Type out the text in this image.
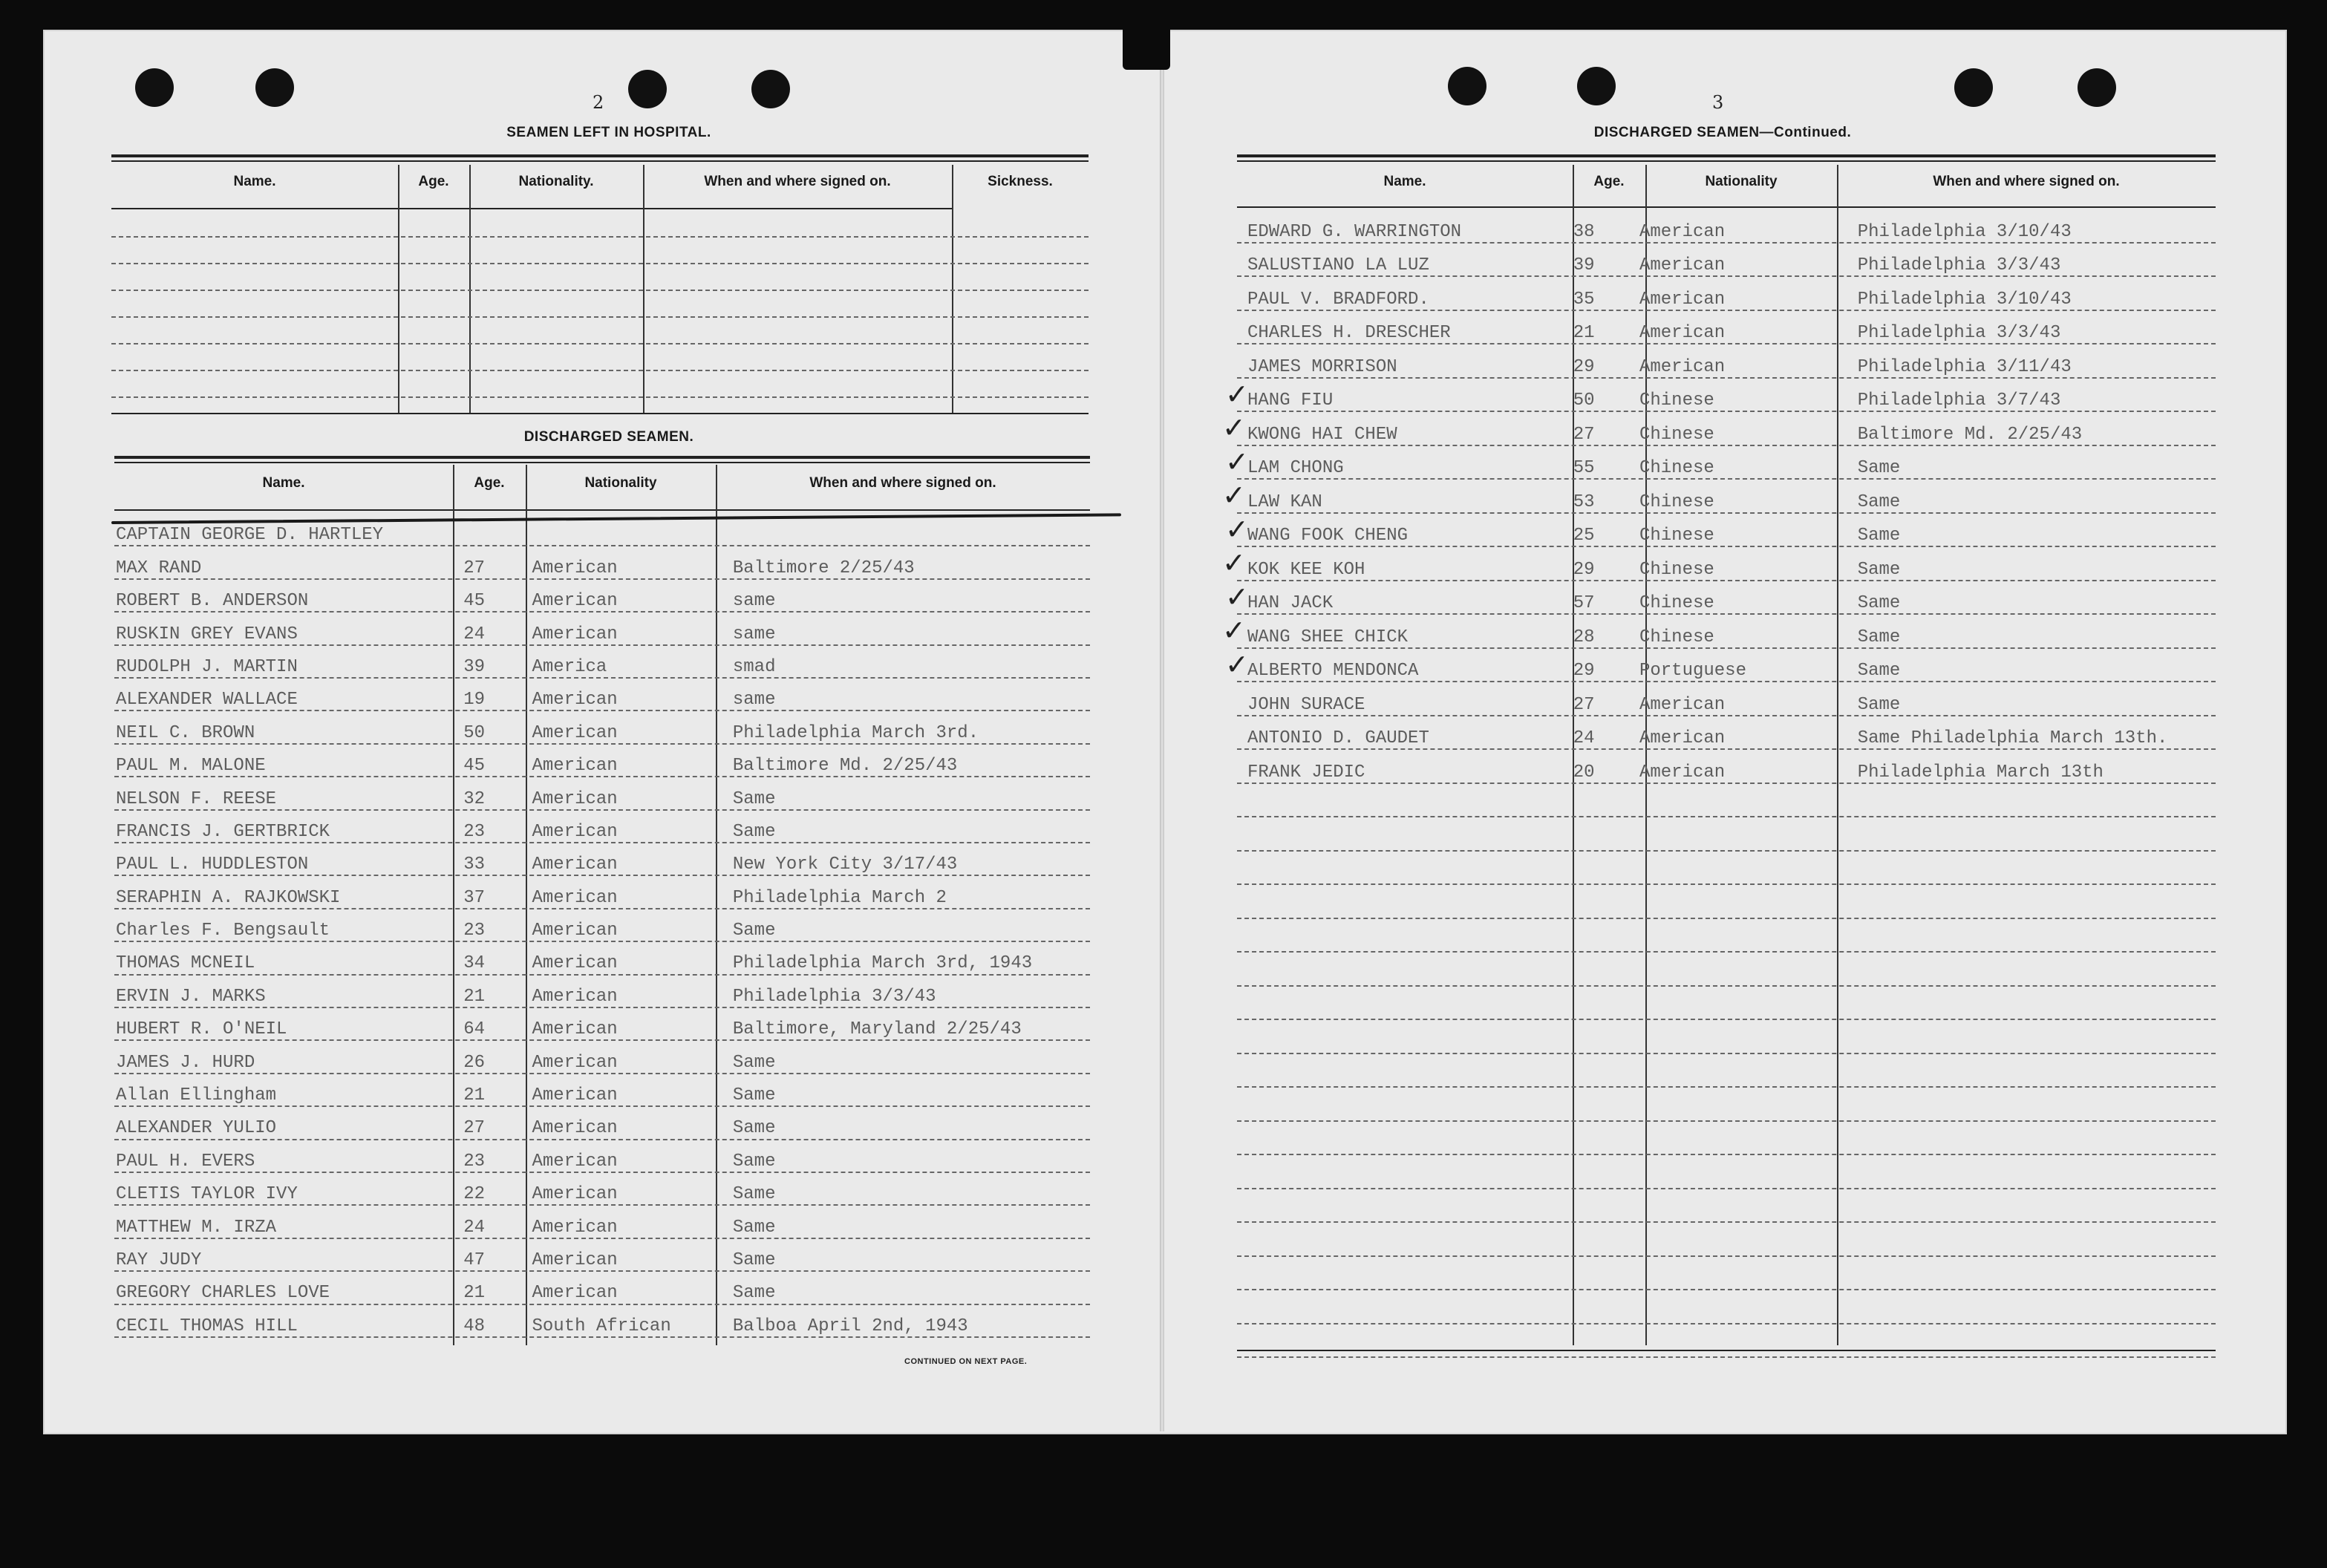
2
SEAMEN LEFT IN HOSPITAL.
Name.	Age.	Nationality.	When and where signed on.	Sickness.
DISCHARGED SEAMEN.
Name.	Age.	Nationality	When and where signed on.
CAPTAIN GEORGE D. HARTLEY			
MAX RAND	27	American	Baltimore 2/25/43
ROBERT B. ANDERSON	45	American	same
RUSKIN GREY EVANS	24	American	same
RUDOLPH J. MARTIN	39	America	smad
ALEXANDER WALLACE	19	American	same
NEIL C. BROWN	50	American	Philadelphia March 3rd.
PAUL M. MALONE	45	American	Baltimore Md. 2/25/43
NELSON F. REESE	32	American	Same
FRANCIS J. GERTBRICK	23	American	Same
PAUL L. HUDDLESTON	33	American	New York City 3/17/43
SERAPHIN A. RAJKOWSKI	37	American	Philadelphia March 2
Charles F. Bengsault	23	American	Same
THOMAS MCNEIL	34	American	Philadelphia March 3rd, 1943
ERVIN J. MARKS	21	American	Philadelphia 3/3/43
HUBERT R. O'NEIL	64	American	Baltimore, Maryland 2/25/43
JAMES J. HURD	26	American	Same
Allan Ellingham	21	American	Same
ALEXANDER YULIO	27	American	Same
PAUL H. EVERS	23	American	Same
CLETIS TAYLOR IVY	22	American	Same
MATTHEW M. IRZA	24	American	Same
RAY JUDY	47	American	Same
GREGORY CHARLES LOVE	21	American	Same
CECIL THOMAS HILL	48	South African	Balboa April 2nd, 1943
CONTINUED ON NEXT PAGE.
3
DISCHARGED SEAMEN—Continued.
Name.	Age.	Nationality	When and where signed on.
EDWARD G. WARRINGTON	38	American	Philadelphia 3/10/43
SALUSTIANO LA LUZ	39	American	Philadelphia 3/3/43
PAUL V. BRADFORD.	35	American	Philadelphia 3/10/43
CHARLES H. DRESCHER	21	American	Philadelphia 3/3/43
JAMES MORRISON	29	American	Philadelphia 3/11/43
HANG FIU	50	Chinese	Philadelphia 3/7/43
KWONG HAI CHEW	27	Chinese	Baltimore Md. 2/25/43
LAM CHONG	55	Chinese	Same
LAW KAN	53	Chinese	Same
WANG FOOK CHENG	25	Chinese	Same
KOK KEE KOH	29	Chinese	Same
HAN JACK	57	Chinese	Same
WANG SHEE CHICK	28	Chinese	Same
ALBERTO MENDONCA	29	Portuguese	Same
JOHN SURACE	27	American	Same
ANTONIO D. GAUDET	24	American	Same Philadelphia March 13th.
FRANK JEDIC	20	American	Philadelphia March 13th
✓
✓
✓
✓
✓
✓
✓
✓
✓
